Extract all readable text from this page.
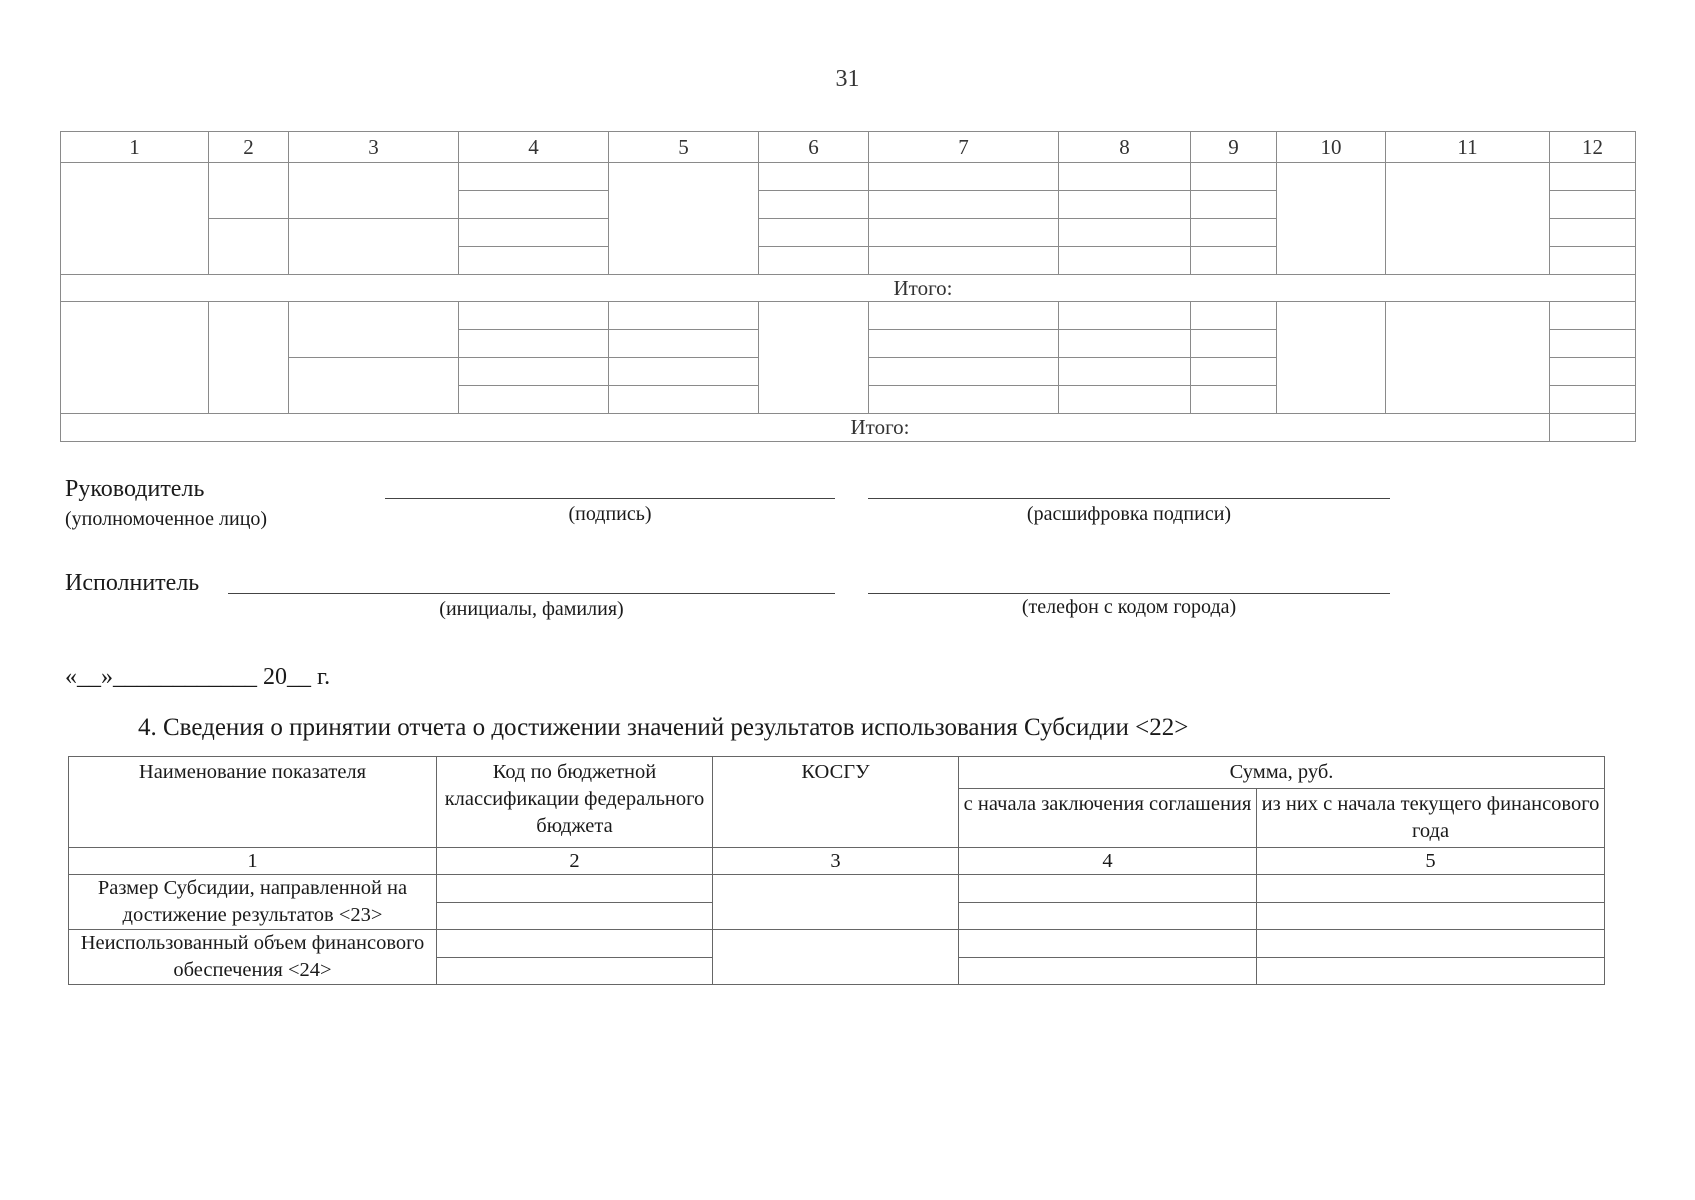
31
1	2	3	4	5	6	7	8	9	10	11	12

Итого:											

Итого:											
Руководитель
(уполномоченное лицо)	(подпись)	(расшифровка подписи)
Исполнитель
(инициалы, фамилия)	(телефон с кодом города)
«__»____________ 20__ г.
4. Сведения о принятии отчета о достижении значений результатов использования Субсидии <22>
Наименование показателя	Код по бюджетной классификации федерального бюджета	КОСГУ	Сумма, руб.	
			с начала заключения соглашения	из них с начала текущего финансового года
1	2	3	4	5
Размер Субсидии, направленной на достижение результатов <23>				

Неиспользованный объем финансового обеспечения <24>				
